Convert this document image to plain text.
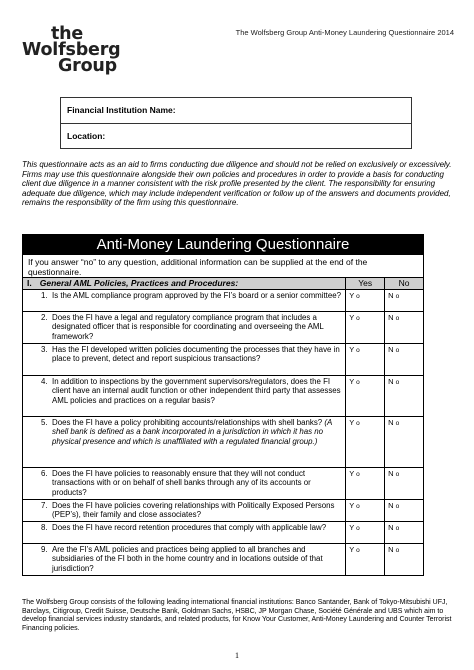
the
Wolfsberg
Group
The Wolfsberg Group Anti-Money Laundering Questionnaire 2014
Financial Institution Name:
Location:
This questionnaire acts as an aid to firms conducting due diligence and should not be relied on exclusively or excessively. Firms may use this questionnaire alongside their own policies and procedures in order to provide a basis for conducting client due diligence in a manner consistent with the risk profile presented by the client. The responsibility for ensuring adequate due diligence, which may include independent verification or follow up of the answers and documents provided, remains the responsibility of the firm using this questionnaire.
Anti-Money Laundering Questionnaire
If you answer “no” to any question, additional information can be supplied at the end of the questionnaire.
I. General AML Policies, Practices and Procedures:	Yes	No
1. Is the AML compliance program approved by the FI’s board or a senior committee?	Y ο	N ο
2. Does the FI have a legal and regulatory compliance program that includes a designated officer that is responsible for coordinating and overseeing the AML framework?
Y ο	N ο
3. Has the FI developed written policies documenting the processes that they have in place to prevent, detect and report suspicious transactions?
Y ο	N ο
4. In addition to inspections by the government supervisors/regulators, does the FI client have an internal audit function or other independent third party that assesses AML policies and practices on a regular basis?
Y ο	N ο
5. Does the FI have a policy prohibiting accounts/relationships with shell banks? (A shell bank is defined as a bank incorporated in a jurisdiction in which it has no physical presence and which is unaffiliated with a regulated financial group.)
Y ο	N ο
6. Does the FI have policies to reasonably ensure that they will not conduct transactions with or on behalf of shell banks through any of its accounts or products?
Y ο	N ο
7. Does the FI have policies covering relationships with Politically Exposed Persons (PEP’s), their family and close associates?
Y ο	N ο
8. Does the FI have record retention procedures that comply with applicable law?	Y ο	N ο
9. Are the FI’s AML policies and practices being applied to all branches and subsidiaries of the FI both in the home country and in locations outside of that jurisdiction?
Y ο	N ο
The Wolfsberg Group consists of the following leading international financial institutions: Banco Santander, Bank of Tokyo-Mitsubishi UFJ, Barclays, Citigroup, Credit Suisse, Deutsche Bank, Goldman Sachs, HSBC, JP Morgan Chase, Société Générale and UBS which aim to develop financial services industry standards, and related products, for Know Your Customer, Anti-Money Laundering and Counter Terrorist Financing policies.
1
